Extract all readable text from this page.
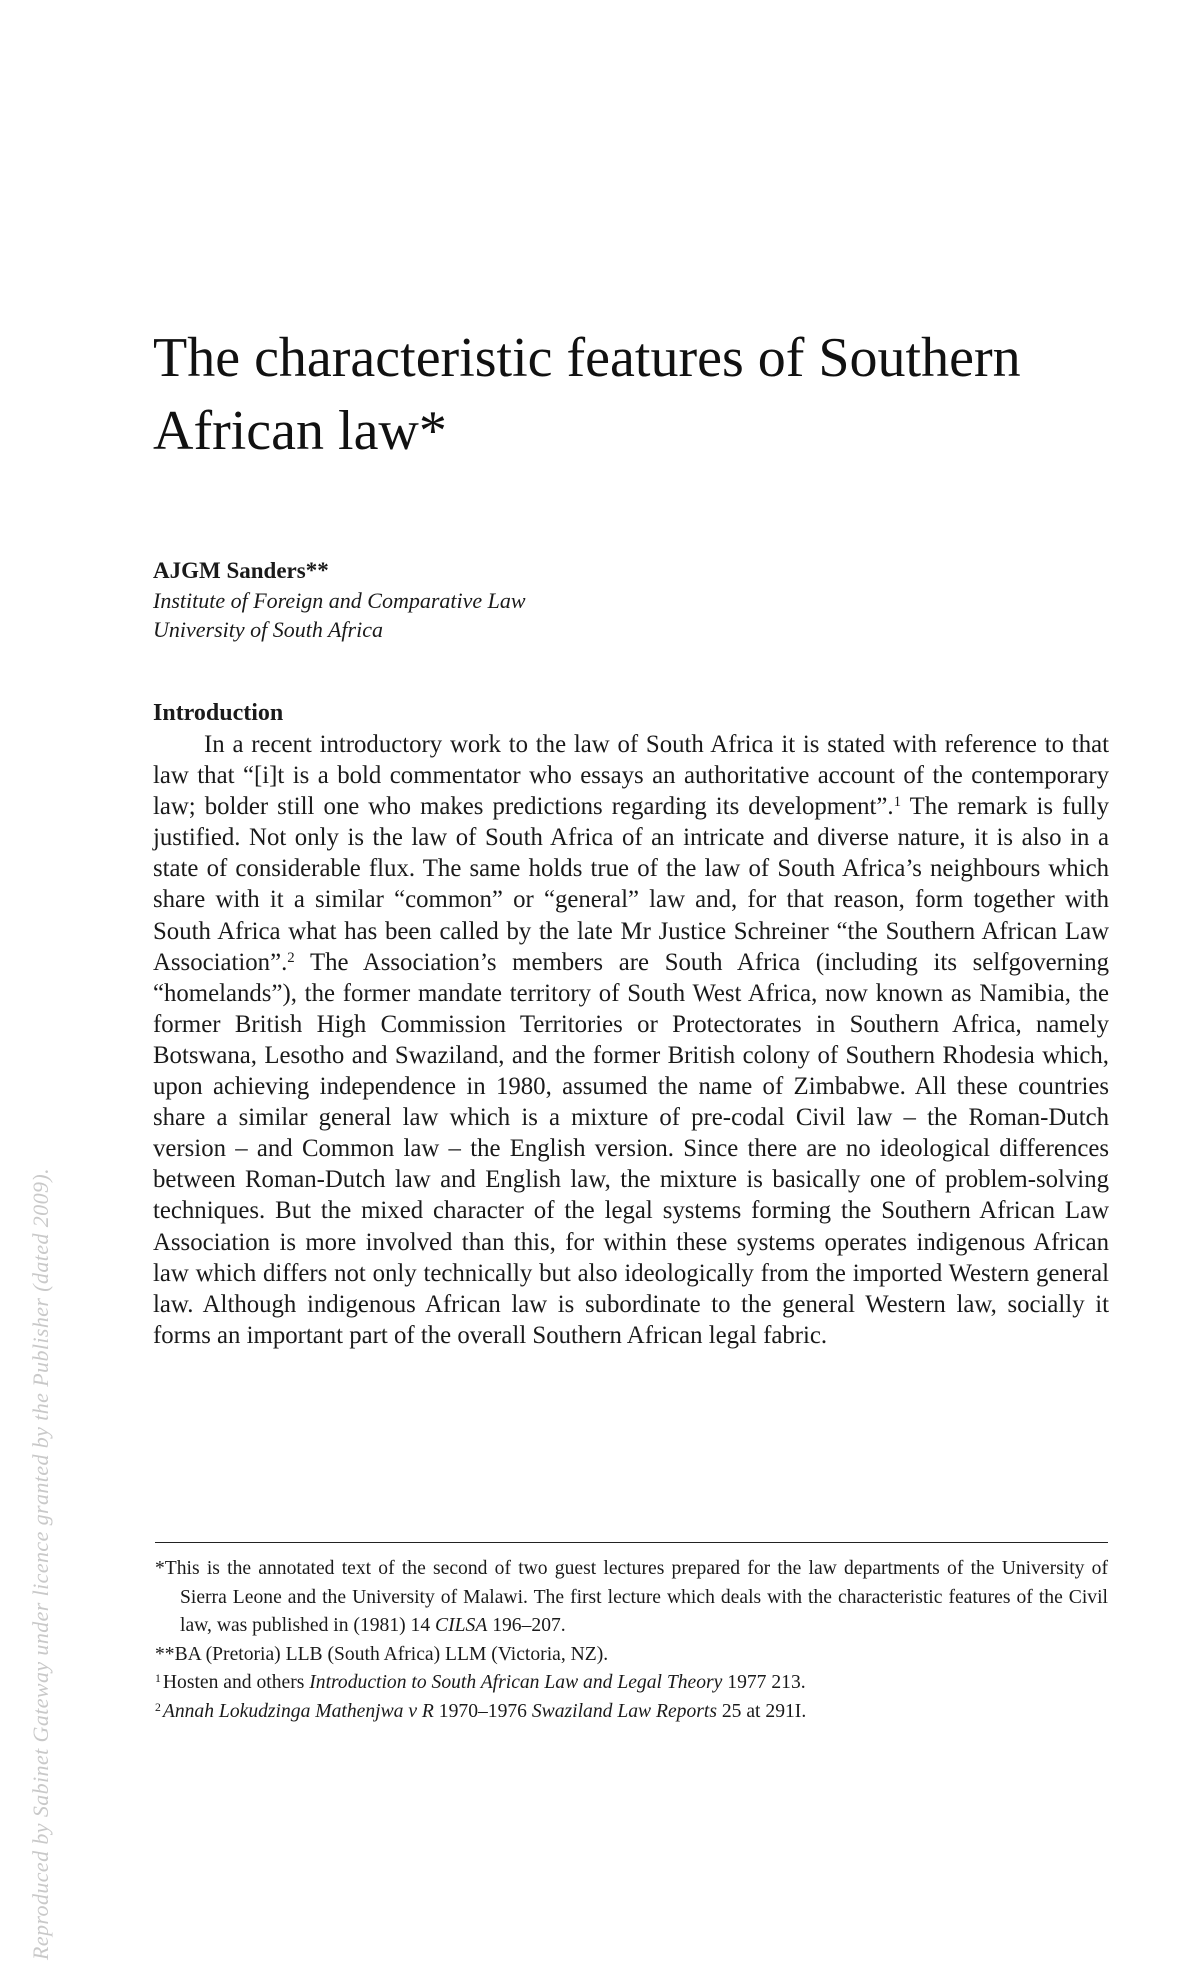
Reproduced by Sabinet Gateway under licence granted by the Publisher (dated 2009).
The characteristic features of Southern African law*
AJGM Sanders**
Institute of Foreign and Comparative Law
University of South Africa
Introduction

In a recent introductory work to the law of South Africa it is stated with reference to that law that “[i]t is a bold commentator who essays an authoritative account of the contemporary law; bolder still one who makes predictions regarding its development”.$^1$ The remark is fully justified. Not only is the law of South Africa of an intricate and diverse nature, it is also in a state of considerable flux. The same holds true of the law of South Africa’s neighbours which share with it a similar “common” or “general” law and, for that reason, form together with South Africa what has been called by the late Mr Justice Schreiner “the Southern African Law Association”.$^2$ The Association’s members are South Africa (including its selfgoverning “homelands”), the former mandate territory of South West Africa, now known as Namibia, the former British High Commission Territories or Protectorates in Southern Africa, namely Botswana, Lesotho and Swaziland, and the former British colony of Southern Rhodesia which, upon achieving independence in 1980, assumed the name of Zimbabwe. All these countries share a similar general law which is a mixture of pre-codal Civil law – the Roman-Dutch version – and Common law – the English version. Since there are no ideological differences between Roman-Dutch law and English law, the mixture is basically one of problem-solving techniques. But the mixed character of the legal systems forming the Southern African Law Association is more involved than this, for within these systems operates indigenous African law which differs not only technically but also ideologically from the imported Western general law. Although indigenous African law is subordinate to the general Western law, socially it forms an important part of the overall Southern African legal fabric.

*This is the annotated text of the second of two guest lectures prepared for the law departments of the University of Sierra Leone and the University of Malawi. The first lecture which deals with the characteristic features of the Civil law, was published in (1981) 14 CILSA 196–207.
**BA (Pretoria) LLB (South Africa) LLM (Victoria, NZ).
$^1$ Hosten and others Introduction to South African Law and Legal Theory 1977 213.
$^2$ Annah Lokudzinga Mathenjwa v R 1970–1976 Swaziland Law Reports 25 at 291I.
